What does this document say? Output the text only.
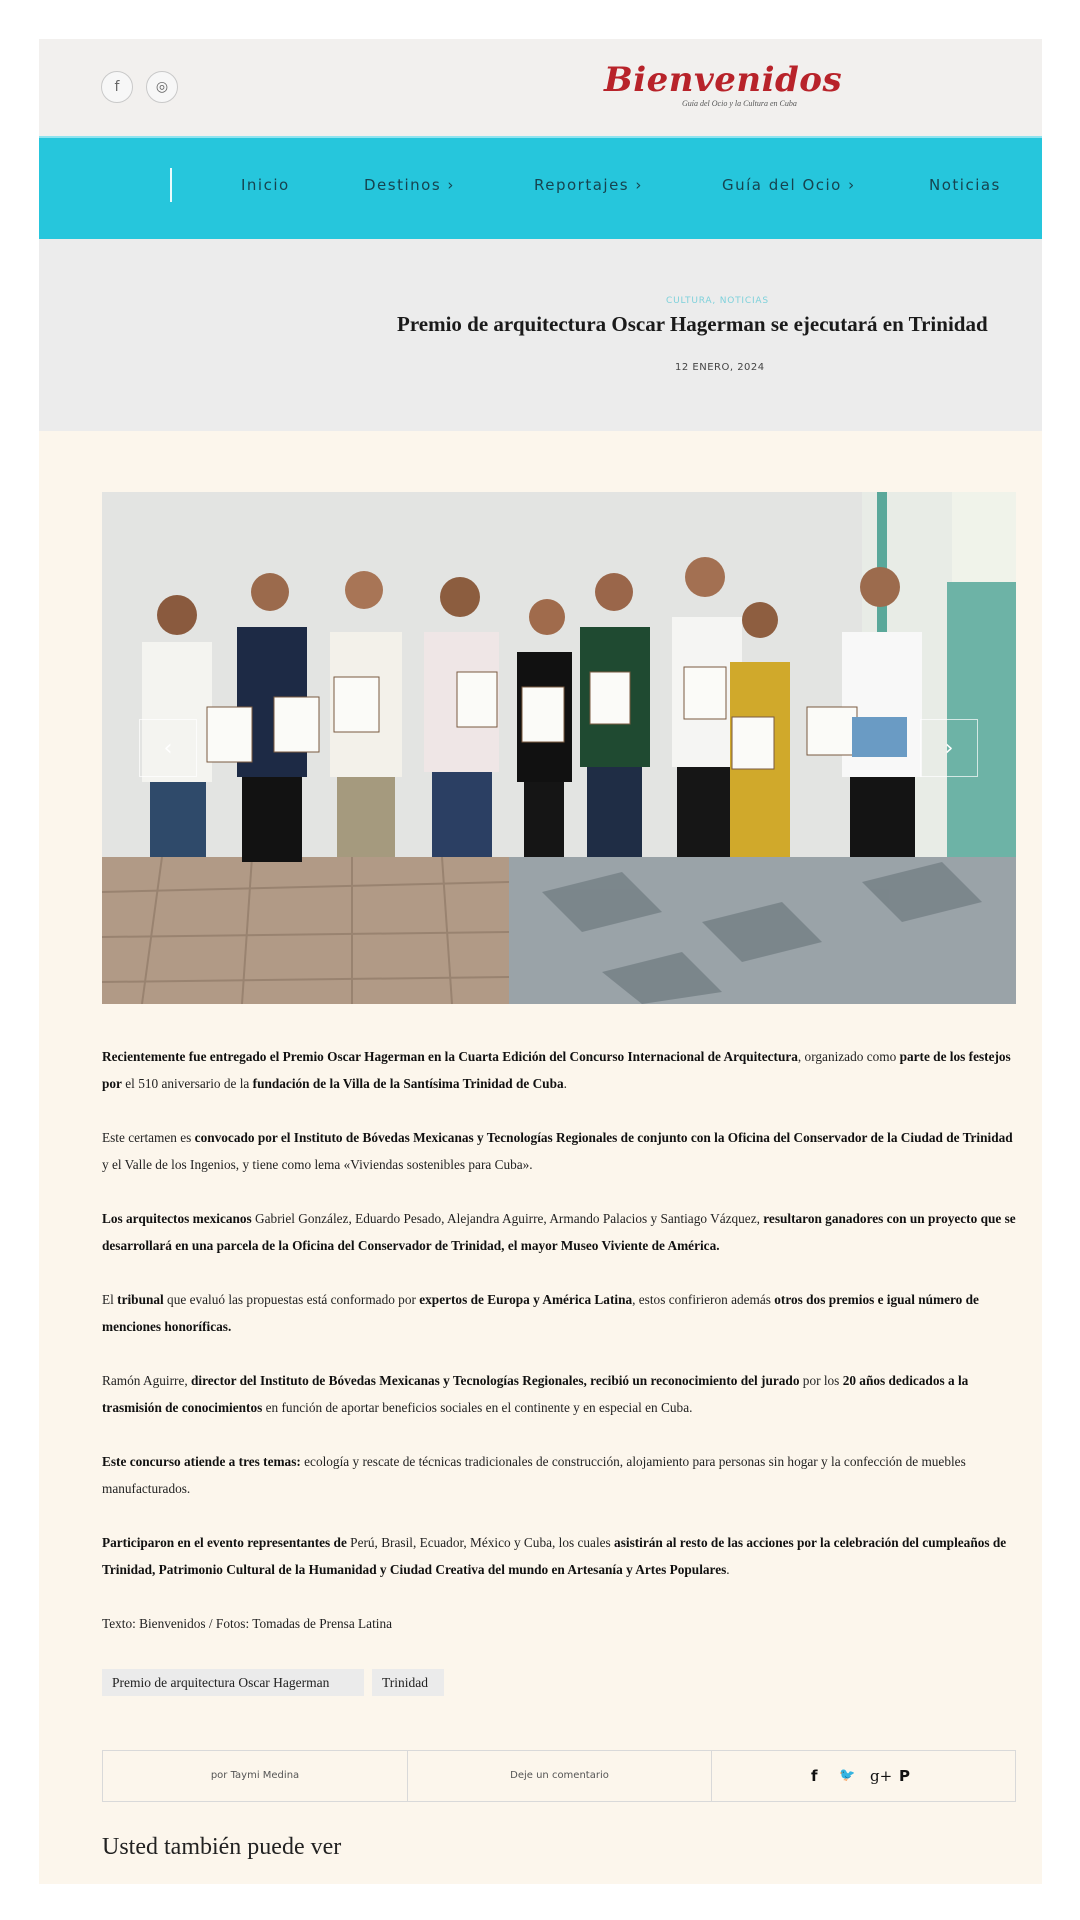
f	◎	Bienvenidos
Guía del Ocio y la Cultura en Cuba
Inicio	Destinos ›	Reportajes ›	Guía del Ocio ›	Noticias
CULTURA, NOTICIAS
Premio de arquitectura Oscar Hagerman se ejecutará en Trinidad
12 ENERO, 2024
‹	›
Recientemente fue entregado el Premio Oscar Hagerman en la Cuarta Edición del Concurso Internacional de Arquitectura, organizado como parte de los festejos por el 510 aniversario de la fundación de la Villa de la Santísima Trinidad de Cuba.
Este certamen es convocado por el Instituto de Bóvedas Mexicanas y Tecnologías Regionales de conjunto con la Oficina del Conservador de la Ciudad de Trinidad y el Valle de los Ingenios, y tiene como lema «Viviendas sostenibles para Cuba».
Los arquitectos mexicanos Gabriel González, Eduardo Pesado, Alejandra Aguirre, Armando Palacios y Santiago Vázquez, resultaron ganadores con un proyecto que se desarrollará en una parcela de la Oficina del Conservador de Trinidad, el mayor Museo Viviente de América.
El tribunal que evaluó las propuestas está conformado por expertos de Europa y América Latina, estos confirieron además otros dos premios e igual número de menciones honoríficas.
Ramón Aguirre, director del Instituto de Bóvedas Mexicanas y Tecnologías Regionales, recibió un reconocimiento del jurado por los 20 años dedicados a la trasmisión de conocimientos en función de aportar beneficios sociales en el continente y en especial en Cuba.
Este concurso atiende a tres temas: ecología y rescate de técnicas tradicionales de construcción, alojamiento para personas sin hogar y la confección de muebles manufacturados.
Participaron en el evento representantes de Perú, Brasil, Ecuador, México y Cuba, los cuales asistirán al resto de las acciones por la celebración del cumpleaños de Trinidad, Patrimonio Cultural de la Humanidad y Ciudad Creativa del mundo en Artesanía y Artes Populares.
Texto: Bienvenidos / Fotos: Tomadas de Prensa Latina
Premio de arquitectura Oscar Hagerman	Trinidad
por Taymi Medina	Deje un comentario	f 🐦 g+ P
Usted también puede ver
